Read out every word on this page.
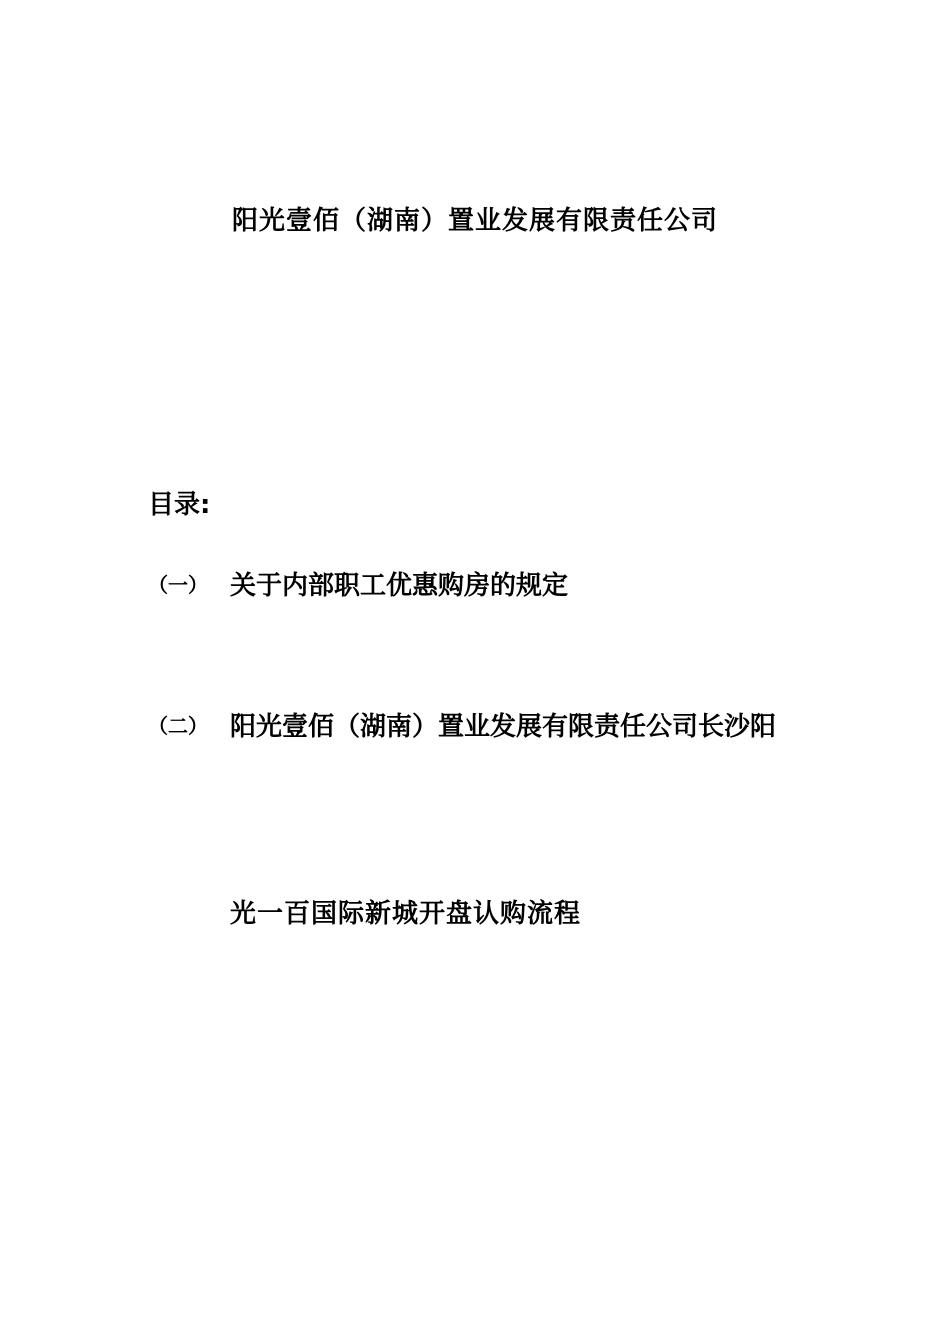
阳光壹佰（湖南）置业发展有限责任公司
目录:
（一） 关于内部职工优惠购房的规定
（二） 阳光壹佰（湖南）置业发展有限责任公司长沙阳
光一百国际新城开盘认购流程
